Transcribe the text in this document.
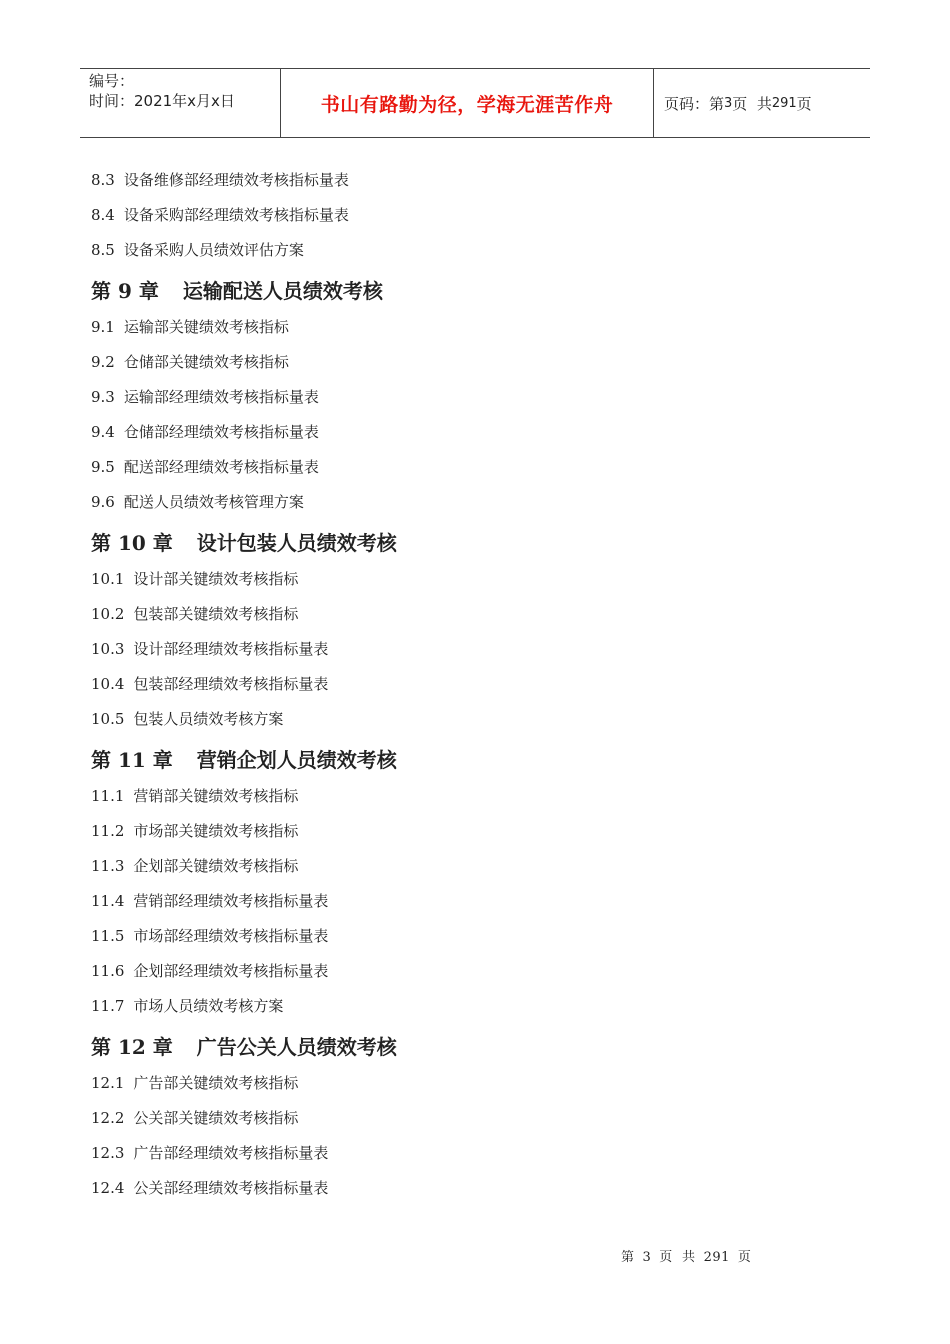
编号：
时间：2021年x月x日	书山有路勤为径，学海无涯苦作舟	页码：第 3 页  共 291 页
8.3 设备维修部经理绩效考核指标量表
8.4 设备采购部经理绩效考核指标量表
8.5 设备采购人员绩效评估方案
第 9 章 运输配送人员绩效考核
9.1 运输部关键绩效考核指标
9.2 仓储部关键绩效考核指标
9.3 运输部经理绩效考核指标量表
9.4 仓储部经理绩效考核指标量表
9.5 配送部经理绩效考核指标量表
9.6 配送人员绩效考核管理方案
第 10 章 设计包装人员绩效考核
10.1 设计部关键绩效考核指标
10.2 包装部关键绩效考核指标
10.3 设计部经理绩效考核指标量表
10.4 包装部经理绩效考核指标量表
10.5 包装人员绩效考核方案
第 11 章 营销企划人员绩效考核
11.1 营销部关键绩效考核指标
11.2 市场部关键绩效考核指标
11.3 企划部关键绩效考核指标
11.4 营销部经理绩效考核指标量表
11.5 市场部经理绩效考核指标量表
11.6 企划部经理绩效考核指标量表
11.7 市场人员绩效考核方案
第 12 章 广告公关人员绩效考核
12.1 广告部关键绩效考核指标
12.2 公关部关键绩效考核指标
12.3 广告部经理绩效考核指标量表
12.4 公关部经理绩效考核指标量表
第 3 页  共 291 页
